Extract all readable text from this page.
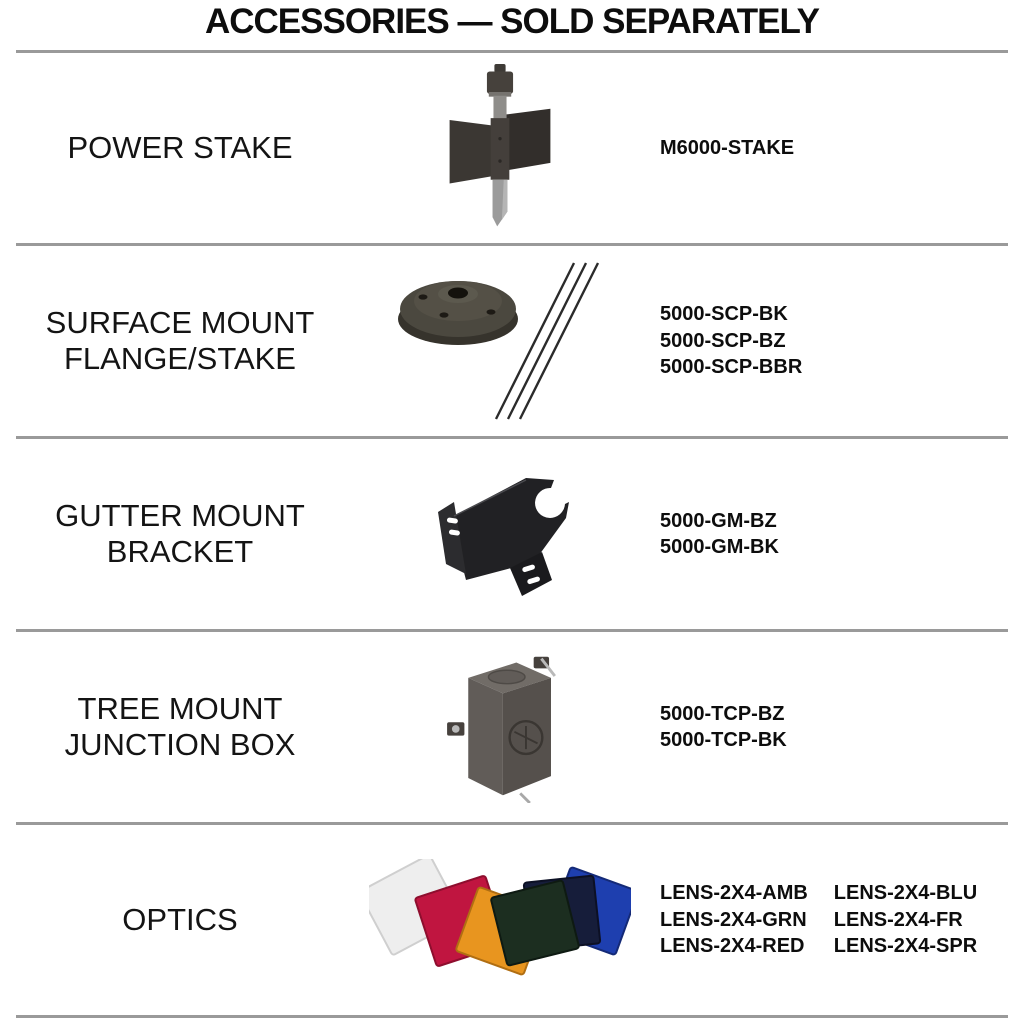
ACCESSORIES — SOLD SEPARATELY
POWER STAKE	M6000-STAKE
SURFACE MOUNT
FLANGE/STAKE
5000-SCP-BK
5000-SCP-BZ
5000-SCP-BBR
GUTTER MOUNT
BRACKET
5000-GM-BZ
5000-GM-BK
TREE MOUNT
JUNCTION BOX
5000-TCP-BZ
5000-TCP-BK
OPTICS
LENS-2X4-AMB
LENS-2X4-GRN
LENS-2X4-RED
LENS-2X4-BLU
LENS-2X4-FR
LENS-2X4-SPR
